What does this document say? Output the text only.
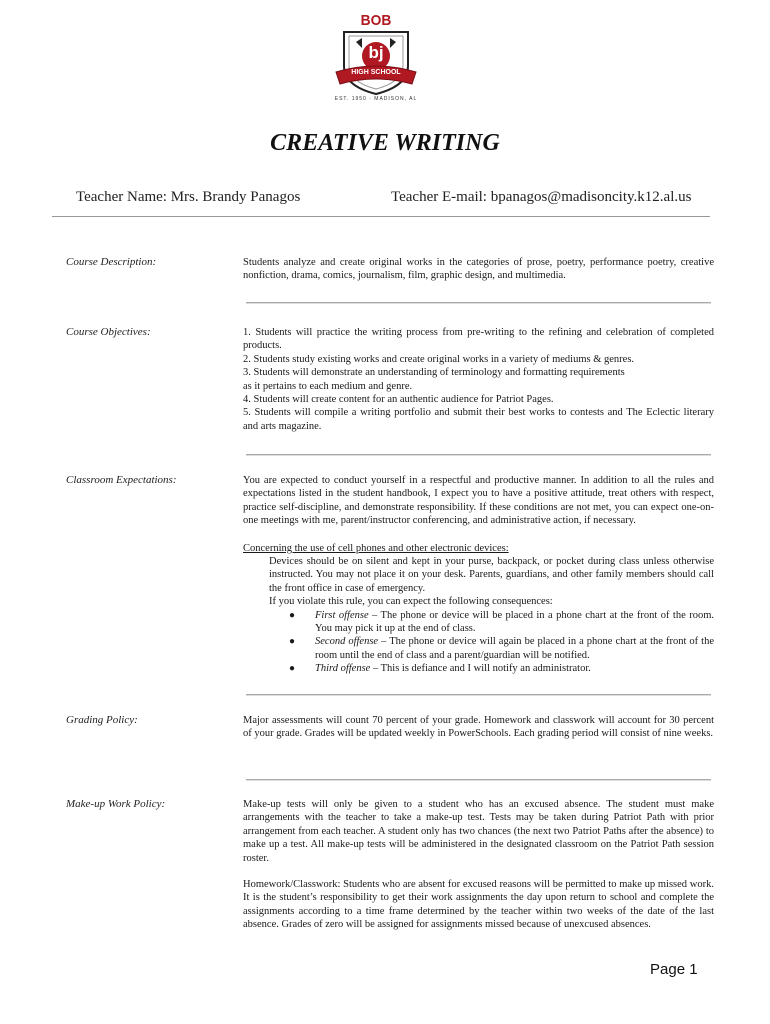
BOB
bj
HIGH SCHOOL
EST. 1950 · MADISON, AL
CREATIVE WRITING
Teacher Name: Mrs. Brandy Panagos	Teacher E-mail: bpanagos@madisoncity.k12.al.us
Course Description:	Students analyze and create original works in the categories of prose, poetry, performance poetry, creative nonfiction, drama, comics, journalism, film, graphic design, and multimedia.

Course Objectives:	1. Students will practice the writing process from pre-writing to the refining and celebration of completed products.

2. Students study existing works and create original works in a variety of mediums & genres.

3. Students will demonstrate an understanding of terminology and formatting requirements

as it pertains to each medium and genre.

4. Students will create content for an authentic audience for Patriot Pages.

5. Students will compile a writing portfolio and submit their best works to contests and The Eclectic literary and arts magazine.

Classroom Expectations:	You are expected to conduct yourself in a respectful and productive manner. In addition to all the rules and expectations listed in the student handbook, I expect you to have a positive attitude, treat others with respect, practice self-discipline, and demonstrate responsibility. If these conditions are not met, you can expect one-on-one meetings with me, parent/instructor conferencing, and administrative action, if necessary.

Concerning the use of cell phones and other electronic devices:

Devices should be on silent and kept in your purse, backpack, or pocket during class unless otherwise instructed. You may not place it on your desk. Parents, guardians, and other family members should call the front office in case of emergency.

If you violate this rule, you can expect the following consequences:

● First offense – The phone or device will be placed in a phone chart at the front of the room. You may pick it up at the end of class.
● Second offense – The phone or device will again be placed in a phone chart at the front of the room until the end of class and a parent/guardian will be notified.
● Third offense – This is defiance and I will notify an administrator.
Grading Policy:	Major assessments will count 70 percent of your grade. Homework and classwork will account for 30 percent of your grade. Grades will be updated weekly in PowerSchools. Each grading period will consist of nine weeks.

Make-up Work Policy:	Make-up tests will only be given to a student who has an excused absence. The student must make arrangements with the teacher to take a make-up test. Tests may be taken during Patriot Path with prior arrangement from each teacher. A student only has two chances (the next two Patriot Paths after the absence) to make up a test. All make-up tests will be administered in the designated classroom on the Patriot Path session roster.

Homework/Classwork: Students who are absent for excused reasons will be permitted to make up missed work. It is the student’s responsibility to get their work assignments the day upon return to school and complete the assignments according to a time frame determined by the teacher within two weeks of the date of the last absence. Grades of zero will be assigned for assignments missed because of unexcused absences.

Page 1
